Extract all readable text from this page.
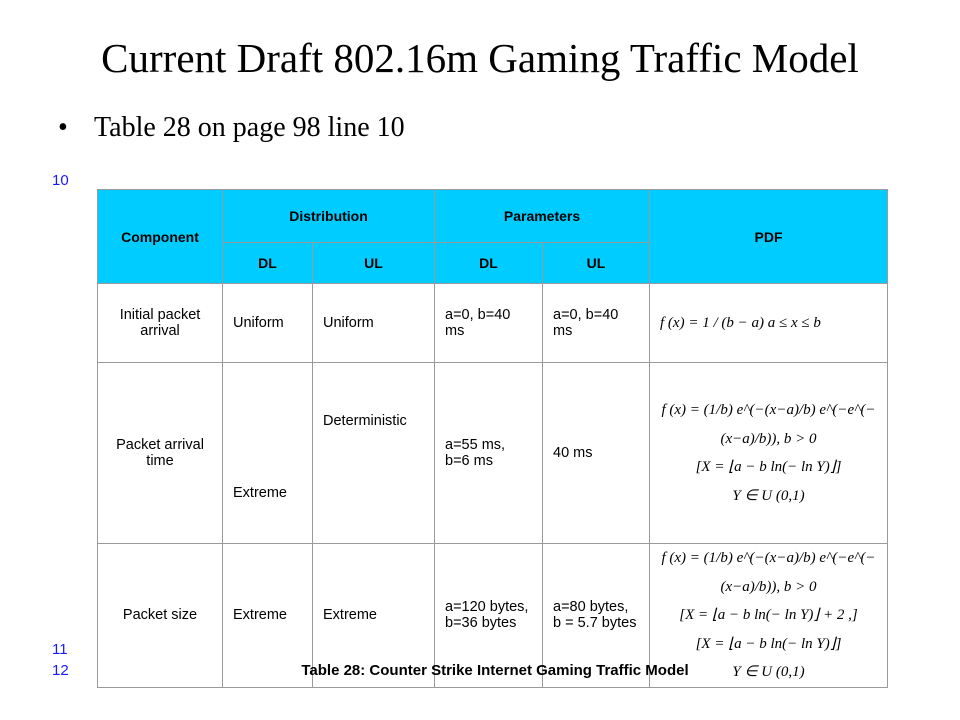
Current Draft 802.16m Gaming Traffic Model
• Table 28 on page 98 line 10
10
Component	Distribution		Parameters		PDF
	DL	UL	DL	UL	
Initial packet arrival	Uniform	Uniform	a=0, b=40 ms	a=0, b=40 ms	f (x) = 1 / (b − a) a ≤ x ≤ b

Packet arrival time	Extreme	Deterministic	a=55 ms, b=6 ms	40 ms	f (x) = (1/b) e^(−(x−a)/b) e^(−e^(−(x−a)/b)), b > 0
[X = ⌊a − b ln(− ln Y)⌋]
Y ∈ U (0,1)

Packet size	Extreme	Extreme	a=120 bytes, b=36 bytes	a=80 bytes, b = 5.7 bytes	f (x) = (1/b) e^(−(x−a)/b) e^(−e^(−(x−a)/b)), b > 0
[X = ⌊a − b ln(− ln Y)⌋ + 2 ,]
[X = ⌊a − b ln(− ln Y)⌋]
Y ∈ U (0,1)
11
12	Table 28: Counter Strike Internet Gaming Traffic Model
